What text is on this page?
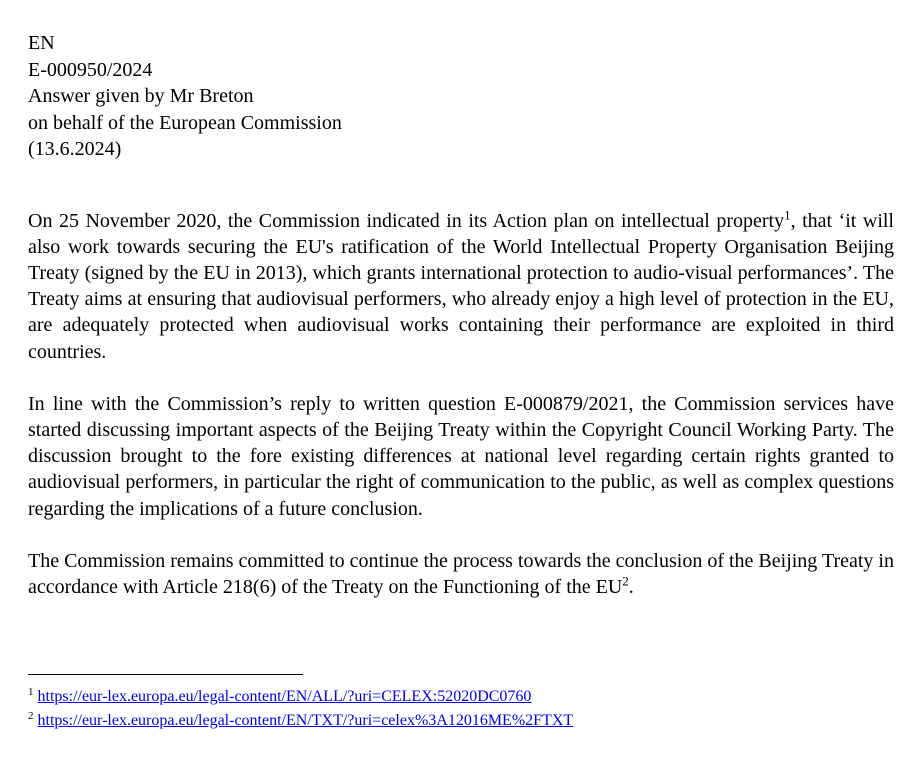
EN
E-000950/2024
Answer given by Mr Breton
on behalf of the European Commission
(13.6.2024)

On 25 November 2020, the Commission indicated in its Action plan on intellectual property$^1$, that ‘it will also work towards securing the EU's ratification of the World Intellectual Property Organisation Beijing Treaty (signed by the EU in 2013), which grants international protection to audio-visual performances’. The Treaty aims at ensuring that audiovisual performers, who already enjoy a high level of protection in the EU, are adequately protected when audiovisual works containing their performance are exploited in third countries.

In line with the Commission’s reply to written question E-000879/2021, the Commission services have started discussing important aspects of the Beijing Treaty within the Copyright Council Working Party. The discussion brought to the fore existing differences at national level regarding certain rights granted to audiovisual performers, in particular the right of communication to the public, as well as complex questions regarding the implications of a future conclusion.

The Commission remains committed to continue the process towards the conclusion of the Beijing Treaty in accordance with Article 218(6) of the Treaty on the Functioning of the $EU^2$.

$^1$ https://eur-lex.europa.eu/legal-content/EN/ALL/?uri=CELEX:52020DC0760
$^2$ https://eur-lex.europa.eu/legal-content/EN/TXT/?uri=celex%3A12016ME%2FTXT
